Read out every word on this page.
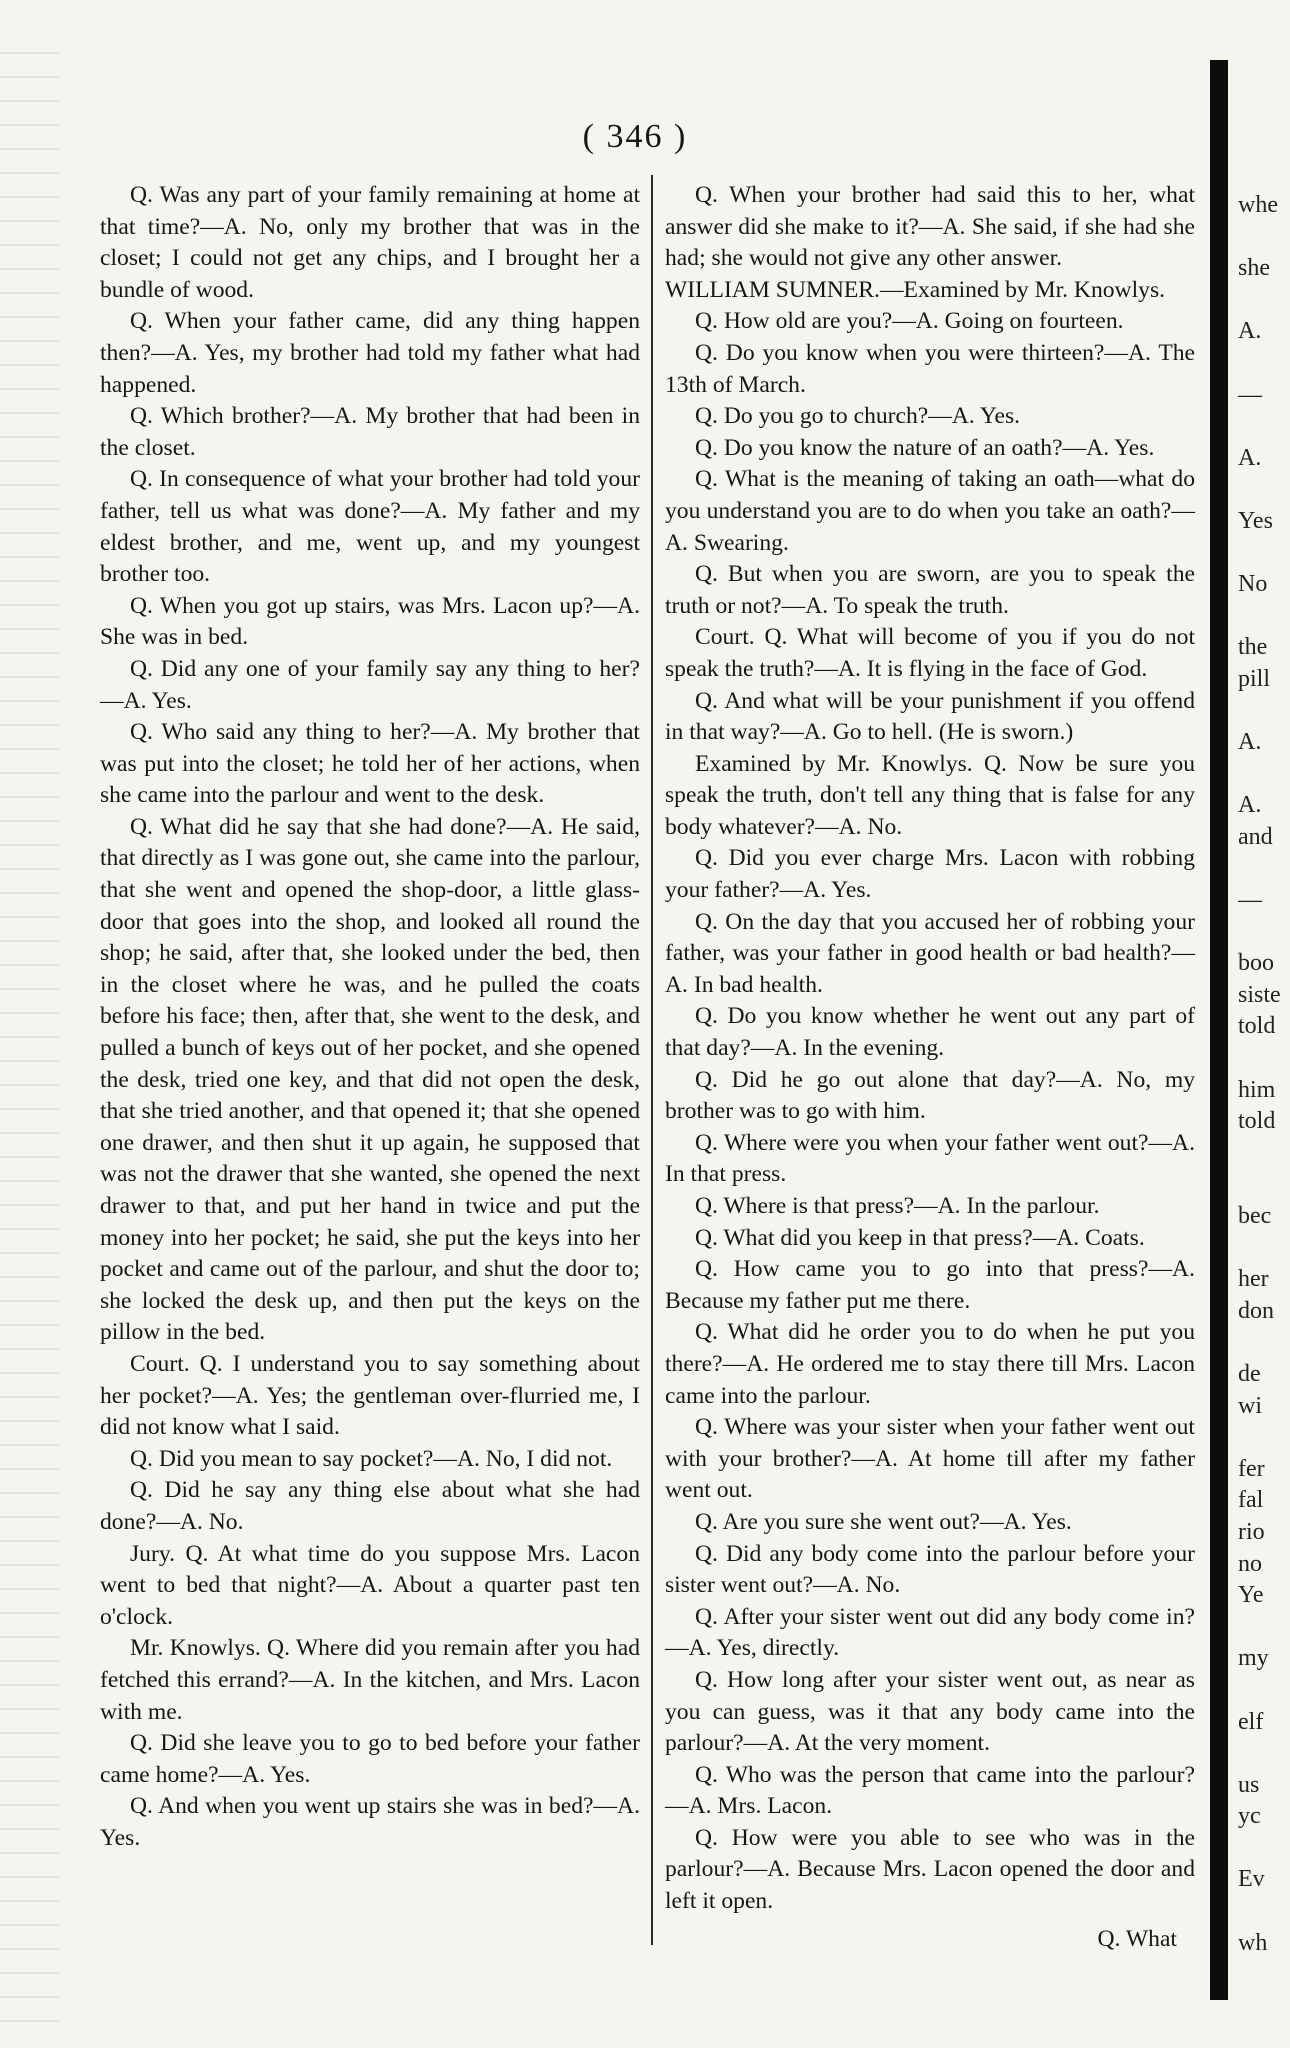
( 346 )

Q. Was any part of your family remaining at home at that time?—A. No, only my brother that was in the closet; I could not get any chips, and I brought her a bundle of wood.

Q. When your father came, did any thing happen then?—A. Yes, my brother had told my father what had happened.

Q. Which brother?—A. My brother that had been in the closet.

Q. In consequence of what your brother had told your father, tell us what was done?—A. My father and my eldest brother, and me, went up, and my youngest brother too.

Q. When you got up stairs, was Mrs. Lacon up?—A. She was in bed.

Q. Did any one of your family say any thing to her?—A. Yes.

Q. Who said any thing to her?—A. My brother that was put into the closet; he told her of her actions, when she came into the parlour and went to the desk.

Q. What did he say that she had done?—A. He said, that directly as I was gone out, she came into the parlour, that she went and opened the shop-door, a little glass-door that goes into the shop, and looked all round the shop; he said, after that, she looked under the bed, then in the closet where he was, and he pulled the coats before his face; then, after that, she went to the desk, and pulled a bunch of keys out of her pocket, and she opened the desk, tried one key, and that did not open the desk, that she tried another, and that opened it; that she opened one drawer, and then shut it up again, he supposed that was not the drawer that she wanted, she opened the next drawer to that, and put her hand in twice and put the money into her pocket; he said, she put the keys into her pocket and came out of the parlour, and shut the door to; she locked the desk up, and then put the keys on the pillow in the bed.

Court. Q. I understand you to say something about her pocket?—A. Yes; the gentleman over-flurried me, I did not know what I said.

Q. Did you mean to say pocket?—A. No, I did not.

Q. Did he say any thing else about what she had done?—A. No.

Jury. Q. At what time do you suppose Mrs. Lacon went to bed that night?—A. About a quarter past ten o'clock.

Mr. Knowlys. Q. Where did you remain after you had fetched this errand?—A. In the kitchen, and Mrs. Lacon with me.

Q. Did she leave you to go to bed before your father came home?—A. Yes.

Q. And when you went up stairs she was in bed?—A. Yes.

Q. When your brother had said this to her, what answer did she make to it?—A. She said, if she had she had; she would not give any other answer.

WILLIAM SUMNER.—Examined by Mr. Knowlys.

Q. How old are you?—A. Going on fourteen.

Q. Do you know when you were thirteen?—A. The 13th of March.

Q. Do you go to church?—A. Yes.

Q. Do you know the nature of an oath?—A. Yes.

Q. What is the meaning of taking an oath—what do you understand you are to do when you take an oath?—A. Swearing.

Q. But when you are sworn, are you to speak the truth or not?—A. To speak the truth.

Court. Q. What will become of you if you do not speak the truth?—A. It is flying in the face of God.

Q. And what will be your punishment if you offend in that way?—A. Go to hell. (He is sworn.)

Examined by Mr. Knowlys. Q. Now be sure you speak the truth, don't tell any thing that is false for any body whatever?—A. No.

Q. Did you ever charge Mrs. Lacon with robbing your father?—A. Yes.

Q. On the day that you accused her of robbing your father, was your father in good health or bad health?—A. In bad health.

Q. Do you know whether he went out any part of that day?—A. In the evening.

Q. Did he go out alone that day?—A. No, my brother was to go with him.

Q. Where were you when your father went out?—A. In that press.

Q. Where is that press?—A. In the parlour.

Q. What did you keep in that press?—A. Coats.

Q. How came you to go into that press?—A. Because my father put me there.

Q. What did he order you to do when he put you there?—A. He ordered me to stay there till Mrs. Lacon came into the parlour.

Q. Where was your sister when your father went out with your brother?—A. At home till after my father went out.

Q. Are you sure she went out?—A. Yes.

Q. Did any body come into the parlour before your sister went out?—A. No.

Q. After your sister went out did any body come in?—A. Yes, directly.

Q. How long after your sister went out, as near as you can guess, was it that any body came into the parlour?—A. At the very moment.

Q. Who was the person that came into the parlour?—A. Mrs. Lacon.

Q. How were you able to see who was in the parlour?—A. Because Mrs. Lacon opened the door and left it open.

Q. What
whe

she

A.

—

A.

Yes

No

the
pill

A.

A.
and

—

boo
siste
told

him
told

bec

her
don

de
wi

fer
fal
rio
no
Ye

my

elf

us
yc

Ev

wh
